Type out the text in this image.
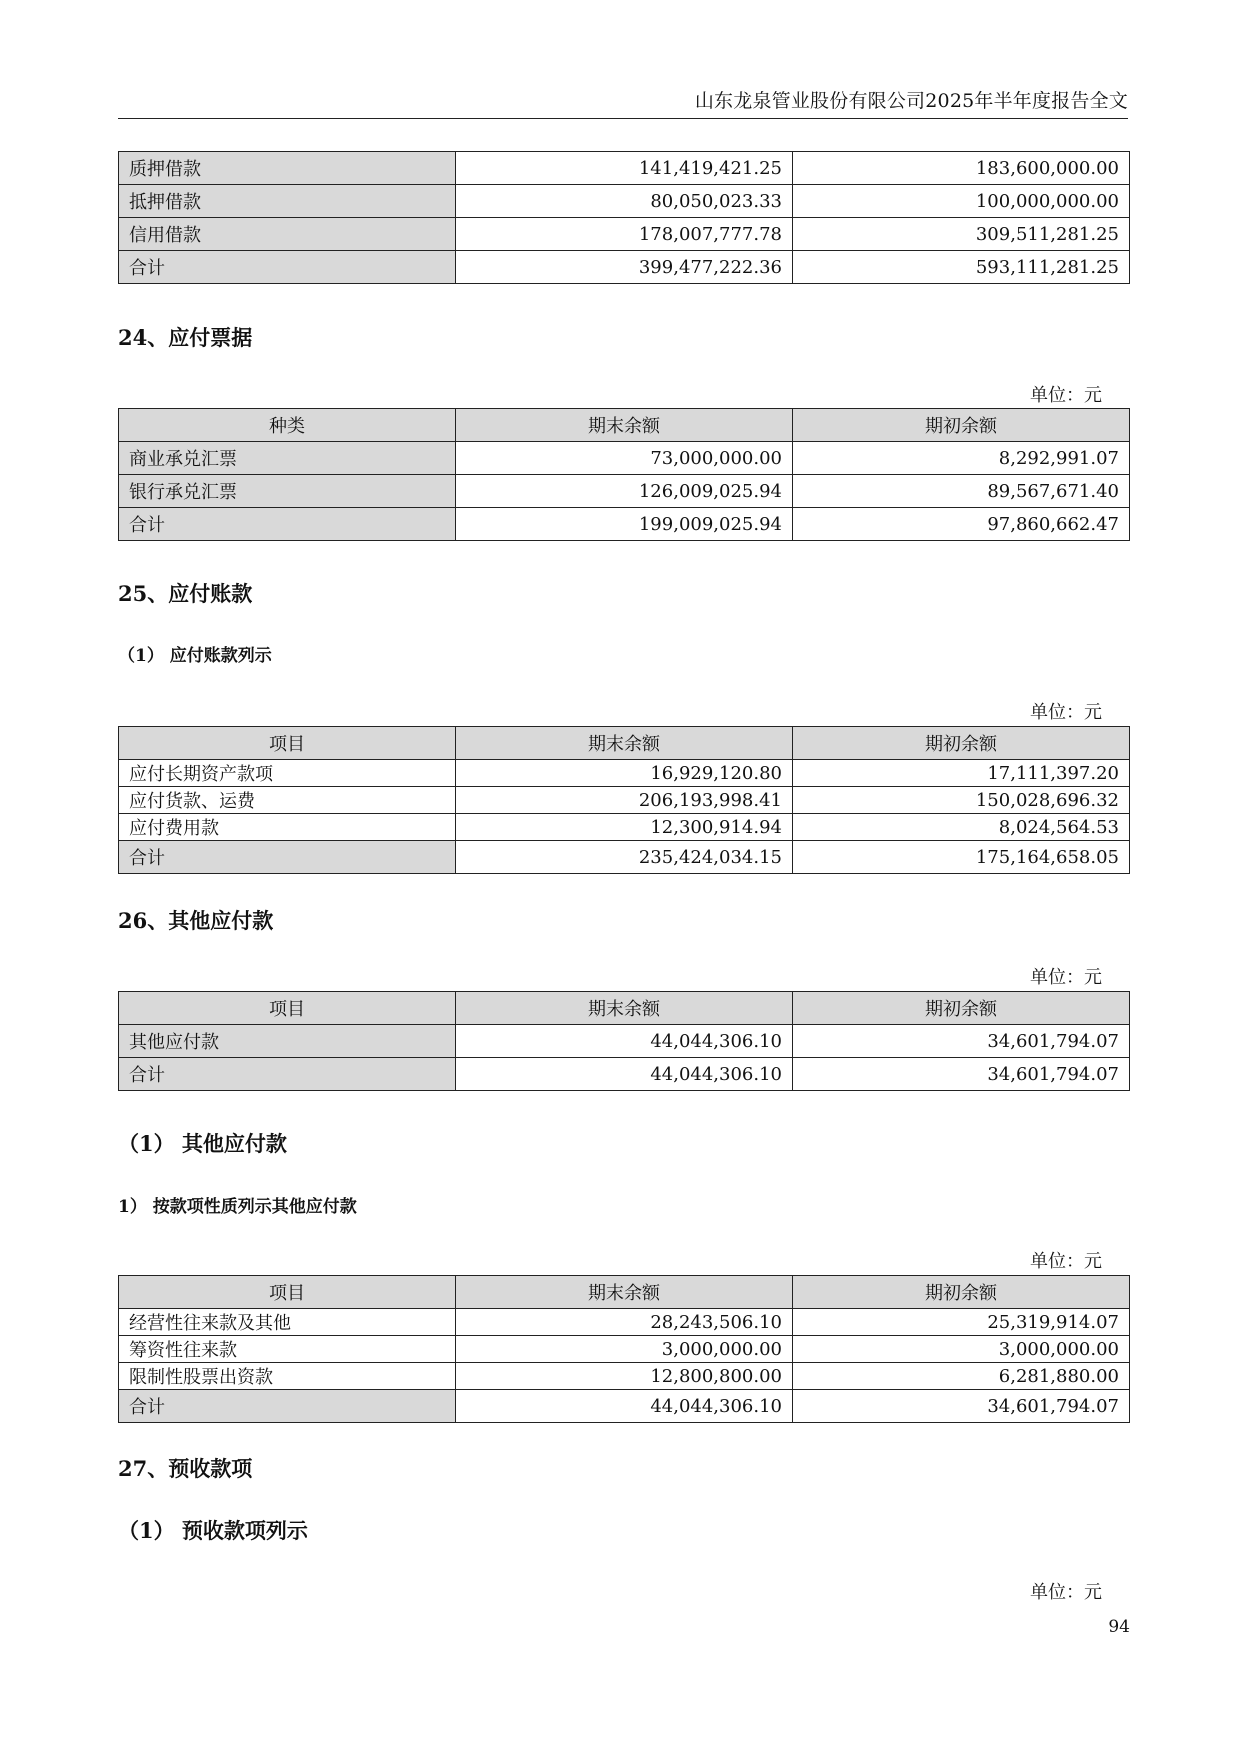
山东龙泉管业股份有限公司2025年半年度报告全文
质押借款	141,419,421.25	183,600,000.00
抵押借款	80,050,023.33	100,000,000.00
信用借款	178,007,777.78	309,511,281.25
合计	399,477,222.36	593,111,281.25
24、应付票据
单位：元
种类	期末余额	期初余额
商业承兑汇票	73,000,000.00	8,292,991.07
银行承兑汇票	126,009,025.94	89,567,671.40
合计	199,009,025.94	97,860,662.47
25、应付账款
（1） 应付账款列示
单位：元
项目	期末余额	期初余额
应付长期资产款项	16,929,120.80	17,111,397.20
应付货款、运费	206,193,998.41	150,028,696.32
应付费用款	12,300,914.94	8,024,564.53
合计	235,424,034.15	175,164,658.05
26、其他应付款
单位：元
项目	期末余额	期初余额
其他应付款	44,044,306.10	34,601,794.07
合计	44,044,306.10	34,601,794.07
（1） 其他应付款
1） 按款项性质列示其他应付款
单位：元
项目	期末余额	期初余额
经营性往来款及其他	28,243,506.10	25,319,914.07
筹资性往来款	3,000,000.00	3,000,000.00
限制性股票出资款	12,800,800.00	6,281,880.00
合计	44,044,306.10	34,601,794.07
27、预收款项
（1） 预收款项列示
单位：元
94
